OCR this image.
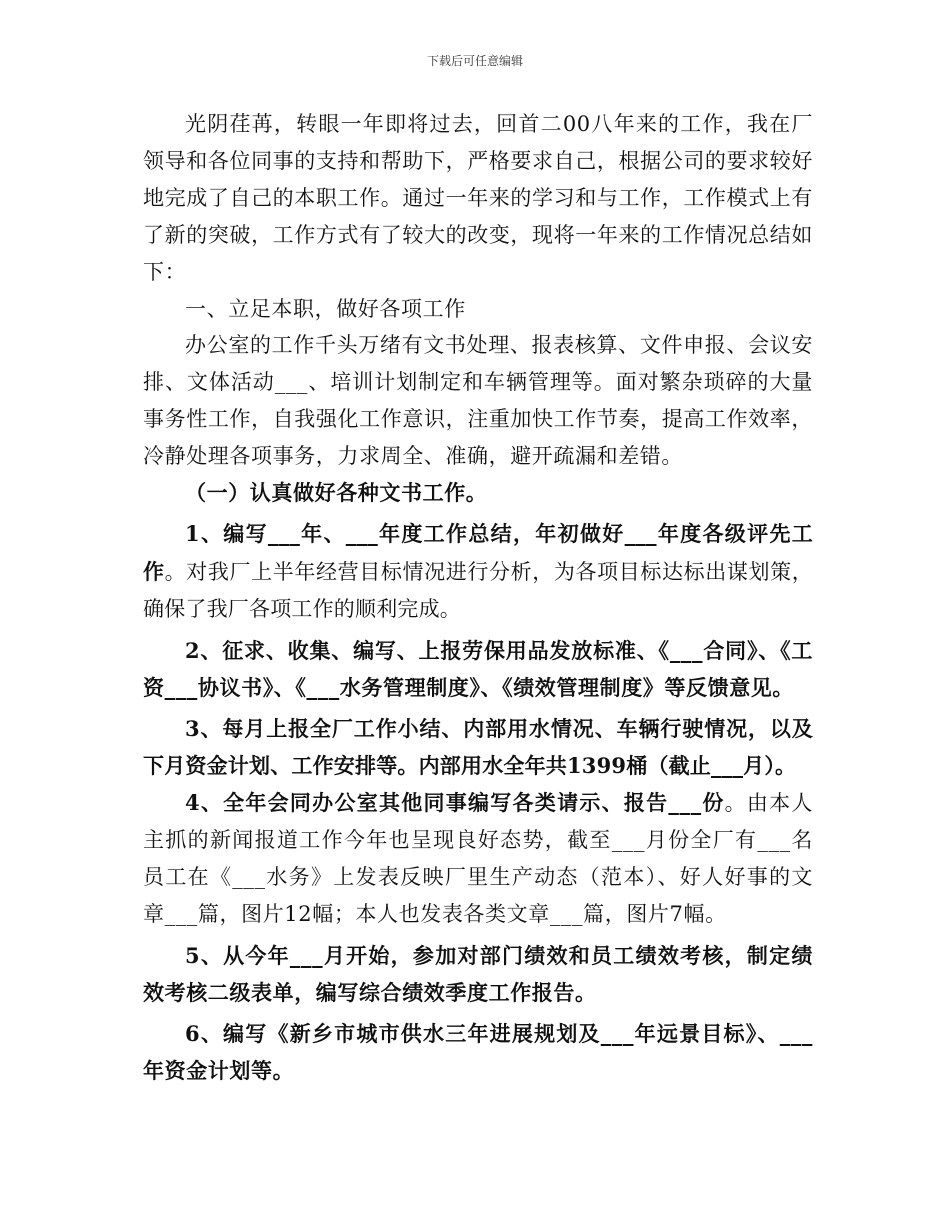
下载后可任意编辑

光阴荏苒，转眼一年即将过去，回首二00八年来的工作，我在厂领导和各位同事的支持和帮助下，严格要求自己，根据公司的要求较好地完成了自己的本职工作。通过一年来的学习和与工作，工作模式上有了新的突破，工作方式有了较大的改变，现将一年来的工作情况总结如下：

一、立足本职，做好各项工作

办公室的工作千头万绪有文书处理、报表核算、文件申报、会议安排、文体活动___、培训计划制定和车辆管理等。面对繁杂琐碎的大量事务性工作，自我强化工作意识，注重加快工作节奏，提高工作效率，冷静处理各项事务，力求周全、准确，避开疏漏和差错。

（一）认真做好各种文书工作。

1、编写___年、___年度工作总结，年初做好___年度各级评先工作。对我厂上半年经营目标情况进行分析，为各项目标达标出谋划策，确保了我厂各项工作的顺利完成。

2、征求、收集、编写、上报劳保用品发放标准、《___合同》、《工资___协议书》、《___水务管理制度》、《绩效管理制度》等反馈意见。

3、每月上报全厂工作小结、内部用水情况、车辆行驶情况，以及下月资金计划、工作安排等。内部用水全年共1399桶（截止___月）。

4、全年会同办公室其他同事编写各类请示、报告___份。由本人主抓的新闻报道工作今年也呈现良好态势，截至___月份全厂有___名员工在《___水务》上发表反映厂里生产动态（范本）、好人好事的文章___篇，图片12幅；本人也发表各类文章___篇，图片7幅。

5、从今年___月开始，参加对部门绩效和员工绩效考核，制定绩效考核二级表单，编写综合绩效季度工作报告。

6、编写《新乡市城市供水三年进展规划及___年远景目标》、___年资金计划等。
